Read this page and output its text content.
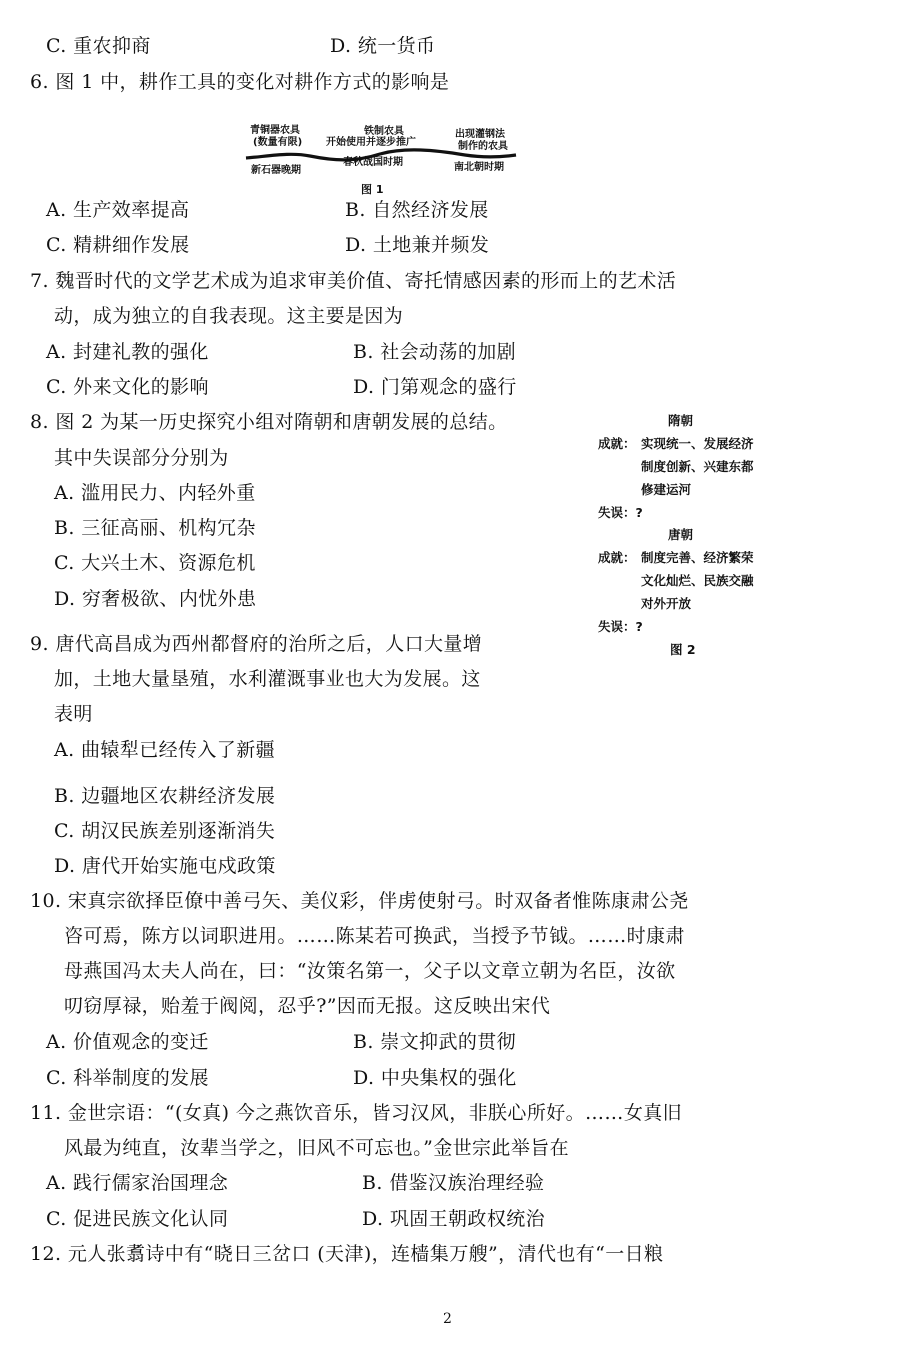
C. 重农抑商	D. 统一货币
6. 图 1 中，耕作工具的变化对耕作方式的影响是
青铜器农具
(数量有限)
铁制农具
开始使用并逐步推广
出现灌钢法
制作的农具
新石器晚期
春秋战国时期	南北朝时期
图 1
A. 生产效率提高	B. 自然经济发展
C. 精耕细作发展	D. 土地兼并频发
7. 魏晋时代的文学艺术成为追求审美价值、寄托情感因素的形而上的艺术活
动，成为独立的自我表现。这主要是因为
A. 封建礼教的强化	B. 社会动荡的加剧
C. 外来文化的影响	D. 门第观念的盛行
8. 图 2 为某一历史探究小组对隋朝和唐朝发展的总结。
其中失误部分分别为
A. 滥用民力、内轻外重
B. 三征高丽、机构冗杂
C. 大兴土木、资源危机
D. 穷奢极欲、内忧外患
隋朝
成就： 实现统一、发展经济
制度创新、兴建东都
修建运河
失误：?
唐朝
成就： 制度完善、经济繁荣
文化灿烂、民族交融
对外开放
失误：?
图 2
9. 唐代高昌成为西州都督府的治所之后，人口大量增
加，土地大量垦殖，水利灌溉事业也大为发展。这
表明
A. 曲辕犁已经传入了新疆
B. 边疆地区农耕经济发展
C. 胡汉民族差别逐渐消失
D. 唐代开始实施屯戍政策
10. 宋真宗欲择臣僚中善弓矢、美仪彩，伴虏使射弓。时双备者惟陈康肃公尧
咨可焉，陈方以词职进用。……陈某若可换武，当授予节钺。……时康肃
母燕国冯太夫人尚在，曰：“汝策名第一，父子以文章立朝为名臣，汝欲
叨窃厚禄，贻羞于阀阅，忍乎?”因而无报。这反映出宋代
A. 价值观念的变迁	B. 崇文抑武的贯彻
C. 科举制度的发展	D. 中央集权的强化
11. 金世宗语：“(女真) 今之燕饮音乐，皆习汉风，非朕心所好。……女真旧
风最为纯直，汝辈当学之，旧风不可忘也。”金世宗此举旨在
A. 践行儒家治国理念	B. 借鉴汉族治理经验
C. 促进民族文化认同	D. 巩固王朝政权统治
12. 元人张翥诗中有“晓日三岔口 (天津)，连樯集万艘”，清代也有“一日粮
2
